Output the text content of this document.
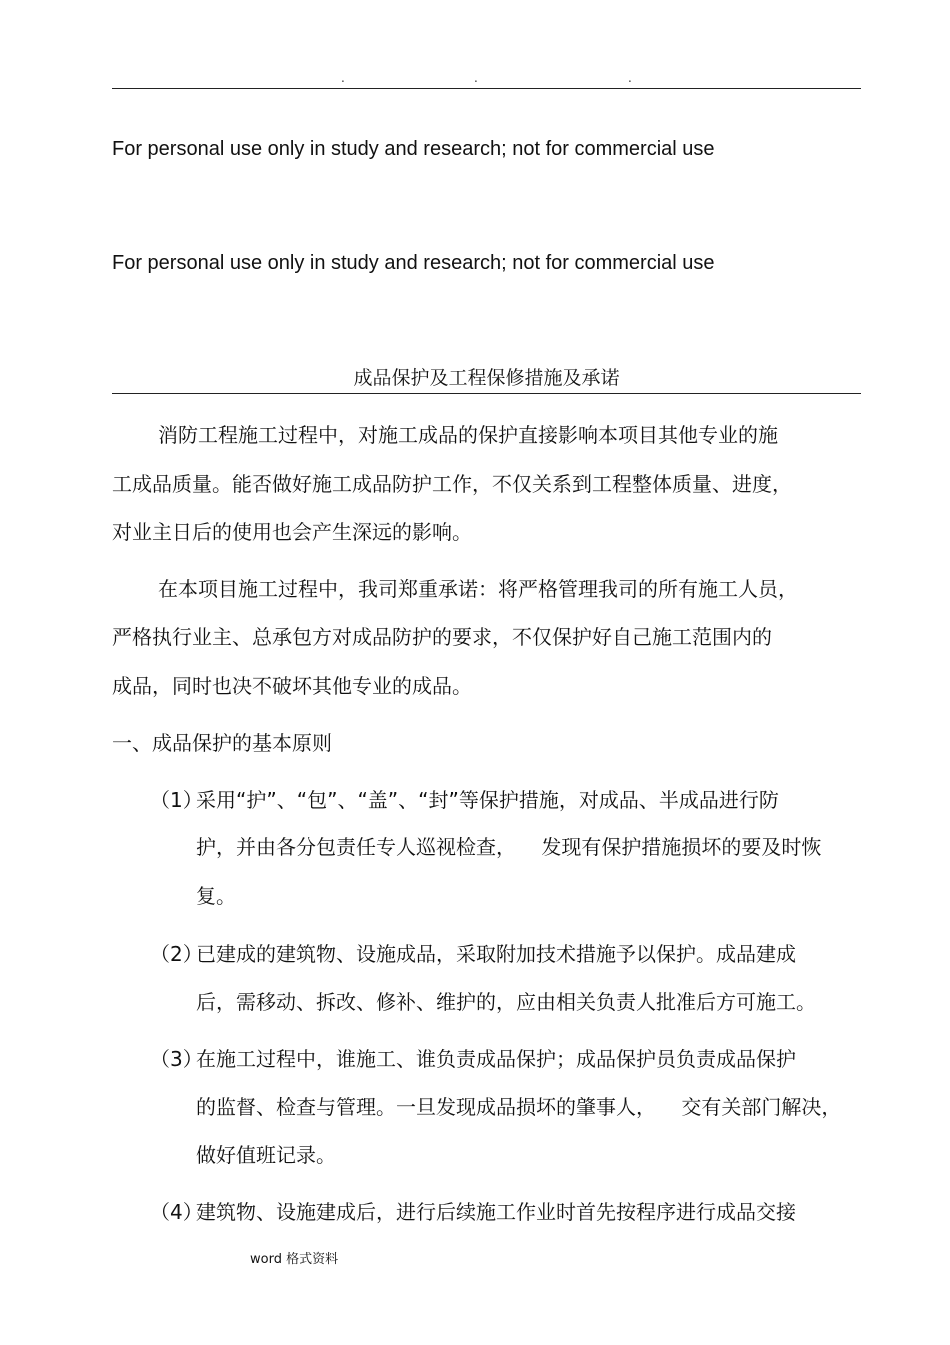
.	.	.
For personal use only in study and research; not for commercial use
For personal use only in study and research; not for commercial use
成品保护及工程保修措施及承诺
消防工程施工过程中，对施工成品的保护直接影响本项目其他专业的施
工成品质量。能否做好施工成品防护工作，不仅关系到工程整体质量、进度，
对业主日后的使用也会产生深远的影响。
在本项目施工过程中，我司郑重承诺：将严格管理我司的所有施工人员，
严格执行业主、总承包方对成品防护的要求，不仅保护好自己施工范围内的
成品，同时也决不破坏其他专业的成品。
一、成品保护的基本原则
（1）
采用“护”、“包”、“盖”、“封”等保护措施，对成品、半成品进行防
护，并由各分包责任专人巡视检查，    发现有保护措施损坏的要及时恢
复。
（2）
已建成的建筑物、设施成品，采取附加技术措施予以保护。成品建成
后，需移动、拆改、修补、维护的，应由相关负责人批准后方可施工。
（3）
在施工过程中，谁施工、谁负责成品保护；成品保护员负责成品保护
的监督、检查与管理。一旦发现成品损坏的肇事人，    交有关部门解决，
做好值班记录。
（4）
建筑物、设施建成后，进行后续施工作业时首先按程序进行成品交接
word 格式资料
